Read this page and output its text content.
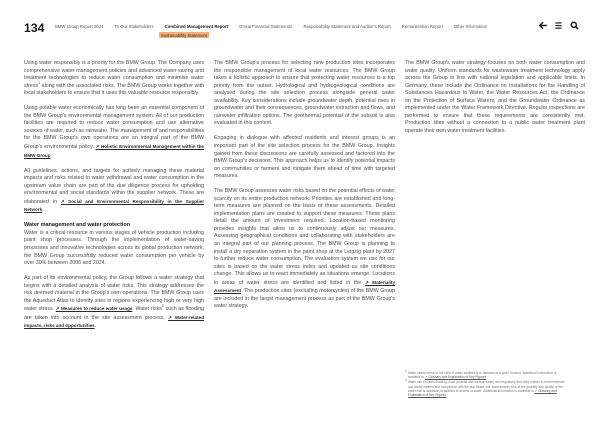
134 BMW Group Report 2024	To Our Stakeholders	Combined Management Report	Group Financial Statements	Responsibility Statement and Auditor's Report	Remuneration Report	Other Information
Sustainability Statement

Using water responsibly is a priority for the BMW Group. The Company uses comprehensive water management policies and advanced water-saving and treatment technologies to reduce water consumption and minimise water stress$^1$ along with the associated risks. The BMW Group works together with local stakeholders to ensure that it uses this valuable resource responsibly.

Using potable water economically has long been an essential component of the BMW Group's environmental management system. All of our production facilities are required to reduce water consumption and use alternative sources of water, such as rainwater. The management of and responsibilities for the BMW Group's own operations are an integral part of the BMW Group's environmental policy. ↗ Holistic Environmental Management within the BMW Group

All guidelines, actions, and targets for actively managing these material impacts and risks related to water withdrawal and water consumption in the upstream value chain are part of the due diligence process for upholding environmental and social standards within the supplier network. These are elaborated in ↗ Social and Environmental Responsibility in the Supplier Network.

Water management and water protection

Water is a critical resource in various stages of vehicle production including paint shop processes. Through the implementation of water-saving processes and innovative technologies across its global production network, the BMW Group successfully reduced water consumption per vehicle by over 30% between 2006 and 2024.

As part of its environmental policy, the Group follows a water strategy that begins with a detailed analysis of water risks. This strategy addresses the risk deemed material in the Group's own operations. The BMW Group uses the Aqueduct Atlas to identify sites in regions experiencing high or very high water stress. ↗ Measures to reduce water usage. Water risks$^2$ such as flooding are taken into account in the site assessment process. ↗ Water-related impacts, risks and opportunities.

The BMW Group's process for selecting new production sites incorporates the responsible management of local water resources. The BMW Group takes a holistic approach to ensure that protecting water resources is a top priority from the outset. Hydrological and hydrogeological conditions are analysed during the site selection process alongside general water availability. Key considerations include groundwater depth, potential rises in groundwater and their consequences, groundwater extraction and flows, and rainwater infiltration options. The geothermal potential of the subsoil is also evaluated in this context.

Engaging in dialogue with affected residents and interest groups is an important part of the site selection process for the BMW Group. Insights gained from these discussions are carefully assessed and factored into the BMW Group's decisions. This approach helps us to identify potential impacts on communities or farmers and mitigate them ahead of time with targeted measures.

The BMW Group assesses water risks based on the potential effects of water scarcity on its entire production network. Priorities are established and long-term measures are planned on the basis of these assessments. Detailed implementation plans are created to support these measures. These plans detail the amount of investment required. Location-based monitoring provides insights that allow us to continuously adjust our measures. Assessing geographical conditions and collaborating with stakeholders are an integral part of our planning process. The BMW Group is planning to install a dry separation system in the paint shop at the Leipzig plant by 2027 to further reduce water consumption. The evaluation system we use for our sites is based on the water stress index and updated as site conditions change. This allows us to react immediately as situations emerge. Locations in areas of water stress are identified and listed in the ↗ Materiality Assessment. The production sites (excluding motorcycles) of the BMW Group are included in the target management process as part of the BMW Group's water strategy.

The BMW Group's water strategy focuses on both water consumption and water quality. Uniform standards for wastewater treatment technology apply across the Group in line with national legislation and applicable limits. In Germany, these include the Ordinance on Installations for the Handling of Substances Hazardous to Water, the Water Resources Act, the Ordinance on the Protection of Surface Waters, and the Groundwater Ordinance as implemented under the Water Framework Directive. Regular inspections are performed to ensure that these requirements are consistently met. Production sites without a connection to a public water treatment plant operate their own water treatment facilities.

$^1$ Water stress refers to the ratio of water availability to demand at a given location. Additional information is available in ↗ Glossary and Explanation of Key Figures.
$^2$ Water risk includes flooding, risks (coastal and surface water) and regulatory and risks related to environmental and social matters and compliance with the law. Water risk assessments look at the quantity and quality of the water that is available, in addition to access to water. Additional information is available in ↗ Glossary and Explanation of Key Figures.
